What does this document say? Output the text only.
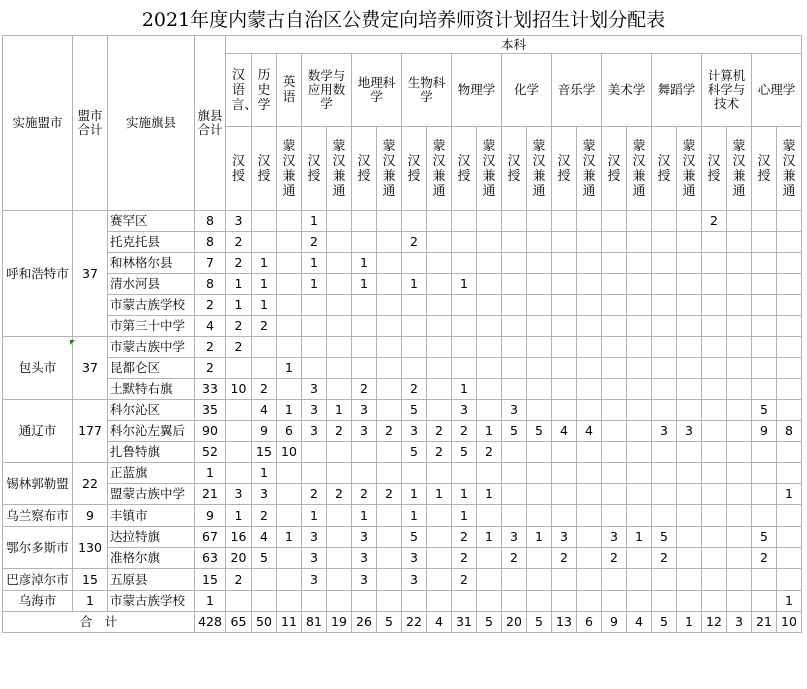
2021年度内蒙古自治区公费定向培养师资计划招生计划分配表
实施盟市	盟市合计	实施旗县	旗县合计	本科																						
				汉语言、	历史学	英语	数学与应用数学		地理科学		生物科学		物理学		化学		音乐学		美术学		舞蹈学		计算机科学与技术		心理学	
				汉授	汉授	蒙汉兼通	汉授	蒙汉兼通	汉授	蒙汉兼通	汉授	蒙汉兼通	汉授	蒙汉兼通	汉授	蒙汉兼通	汉授	蒙汉兼通	汉授	蒙汉兼通	汉授	蒙汉兼通	汉授	蒙汉兼通	汉授	蒙汉兼通
呼和浩特市	37	赛罕区	8	3			1																2			
		托克托县	8	2			2				2															
		和林格尔县	7	2	1		1		1																	
		清水河县	8	1	1		1		1		1		1													
		市蒙古族学校	2	1	1																					
		市第三十中学	4	2	2																					
包头市	37	市蒙古族中学	2	2																						
		昆都仑区	2			1																				
		土默特右旗	33	10	2		3		2		2		1													
通辽市	177	科尔沁区	35		4	1	3	1	3		5		3		3										5	
		科尔沁左翼后	90		9	6	3	2	3	2	3	2	2	1	5	5	4	4			3	3			9	8
		扎鲁特旗	52		15	10					5	2	5	2												
锡林郭勒盟	22	正蓝旗	1		1																					
		盟蒙古族中学	21	3	3		2	2	2	2	1	1	1	1												1
乌兰察布市	9	丰镇市	9	1	2		1		1		1		1													
鄂尔多斯市	130	达拉特旗	67	16	4	1	3		3		5		2	1	3	1	3		3	1	5				5	
		准格尔旗	63	20	5		3		3		3		2		2		2		2		2				2	
巴彦淖尔市	15	五原县	15	2			3		3		3		2													
乌海市	1	市蒙古族学校	1																							1
合　计			428	65	50	11	81	19	26	5	22	4	31	5	20	5	13	6	9	4	5	1	12	3	21	10
